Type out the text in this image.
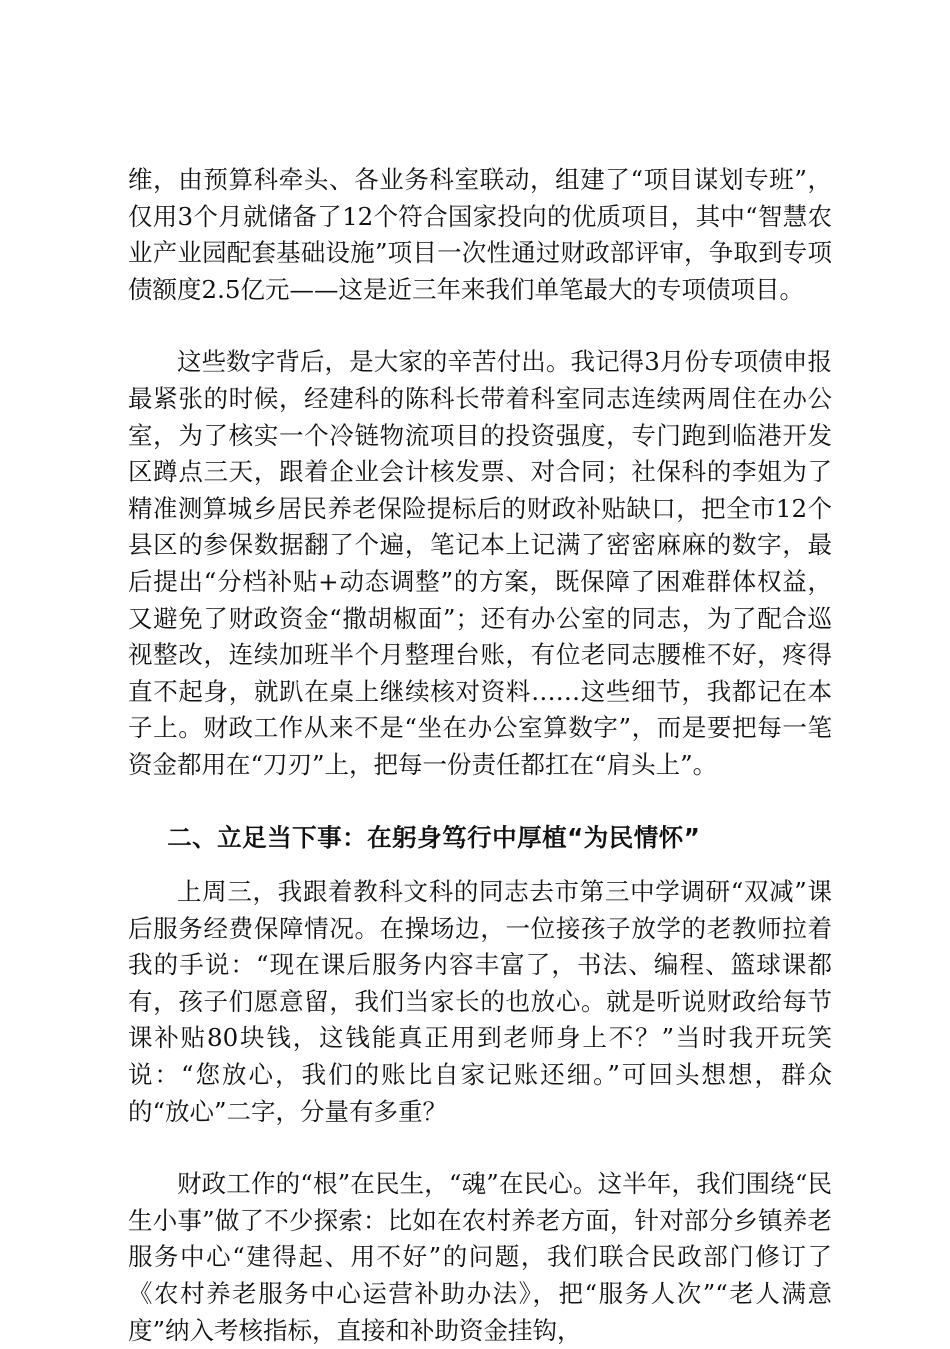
维，由预算科牵头、各业务科室联动，组建了“项目谋划专班”，仅用3个月就储备了12个符合国家投向的优质项目，其中“智慧农业产业园配套基础设施”项目一次性通过财政部评审，争取到专项债额度2.5亿元——这是近三年来我们单笔最大的专项债项目。

这些数字背后，是大家的辛苦付出。我记得3月份专项债申报最紧张的时候，经建科的陈科长带着科室同志连续两周住在办公室，为了核实一个冷链物流项目的投资强度，专门跑到临港开发区蹲点三天，跟着企业会计核发票、对合同；社保科的李姐为了精准测算城乡居民养老保险提标后的财政补贴缺口，把全市12个县区的参保数据翻了个遍，笔记本上记满了密密麻麻的数字，最后提出“分档补贴+动态调整”的方案，既保障了困难群体权益，又避免了财政资金“撒胡椒面”；还有办公室的同志，为了配合巡视整改，连续加班半个月整理台账，有位老同志腰椎不好，疼得直不起身，就趴在桌上继续核对资料……这些细节，我都记在本子上。财政工作从来不是“坐在办公室算数字”，而是要把每一笔资金都用在“刀刃”上，把每一份责任都扛在“肩头上”。

二、立足当下事：在躬身笃行中厚植“为民情怀”

上周三，我跟着教科文科的同志去市第三中学调研“双减”课后服务经费保障情况。在操场边，一位接孩子放学的老教师拉着我的手说：“现在课后服务内容丰富了，书法、编程、篮球课都有，孩子们愿意留，我们当家长的也放心。就是听说财政给每节课补贴80块钱，这钱能真正用到老师身上不？”当时我开玩笑说：“您放心，我们的账比自家记账还细。”可回头想想，群众的“放心”二字，分量有多重？

财政工作的“根”在民生，“魂”在民心。这半年，我们围绕“民生小事”做了不少探索：比如在农村养老方面，针对部分乡镇养老服务中心“建得起、用不好”的问题，我们联合民政部门修订了《农村养老服务中心运营补助办法》，把“服务人次”“老人满意度”纳入考核指标，直接和补助资金挂钩，
